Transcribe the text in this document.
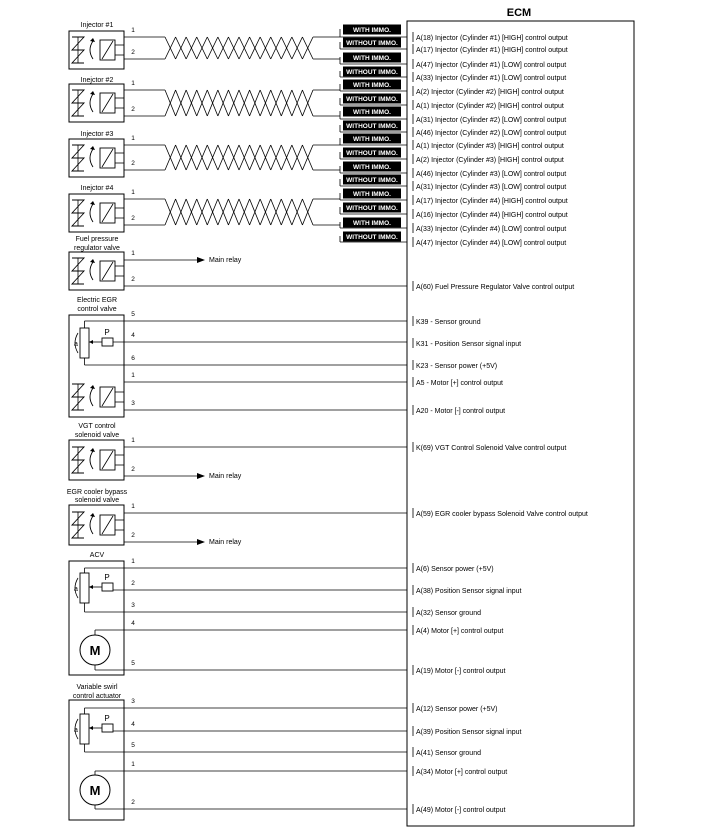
P
a
P
a
M
P
a
M
ECM
Injector #1
Inejctor #2
Injector #3
Inejctor #4
Fuel pressure
regulator valve
Electric EGR
control valve
VGT control
solenoid valve
EGR cooler bypass
solenoid valve
ACV
Variable swirl
control actuator
A(18) Injector (Cylinder #1) [HIGH] control output
A(17) Injector (Cylinder #1) [HIGH] control output
A(47) Injector (Cylinder #1) [LOW] control output
A(33) Injector (Cylinder #1) [LOW] control output
A(2) Injector (Cylinder #2) [HIGH] control output
A(1) Injector (Cylinder #2) [HIGH] control output
A(31) Injector (Cylinder #2) [LOW] control output
A(46) Injector (Cylinder #2) [LOW] control output
A(1) Injector (Cylinder #3) [HIGH] control output
A(2) Injector (Cylinder #3) [HIGH] control output
A(46) Injector (Cylinder #3) [LOW] control output
A(31) Injector (Cylinder #3) [LOW] control output
A(17) Injector (Cylinder #4) [HIGH] control output
A(16) Injector (Cylinder #4) [HIGH] control output
A(33) Injector (Cylinder #4) [LOW] control output
A(47) Injector (Cylinder #4) [LOW] control output
A(60) Fuel Pressure Regulator Valve control output
K39 - Sensor ground
K31 - Position Sensor signal input
K23 - Sensor power (+5V)
A5 - Motor [+] control output
A20 - Motor [-] control output
K(69) VGT Control Solenoid Valve control output
A(59) EGR cooler bypass Solenoid Valve control output
A(6) Sensor power (+5V)
A(38) Position Sensor signal input
A(32) Sensor ground
A(4) Motor [+] control output
A(19) Motor [-] control output
A(12) Sensor power (+5V)
A(39) Position Sensor signal input
A(41) Sensor ground
A(34) Motor [+] control output
A(49) Motor [-] control output
1
2
1
2
1
2
1
2
WITH IMMO.
WITHOUT IMMO.
WITH IMMO.
WITHOUT IMMO.
WITH IMMO.
WITHOUT IMMO.
WITH IMMO.
WITHOUT IMMO.
WITH IMMO.
WITHOUT IMMO.
WITH IMMO.
WITHOUT IMMO.
WITH IMMO.
WITHOUT IMMO.
WITH IMMO.
WITHOUT IMMO.
Main relay
1
2
5
4
6
1
3
1
Main relay
2
1
Main relay
2
1
2
3
4
5
3
4
5
1
2
